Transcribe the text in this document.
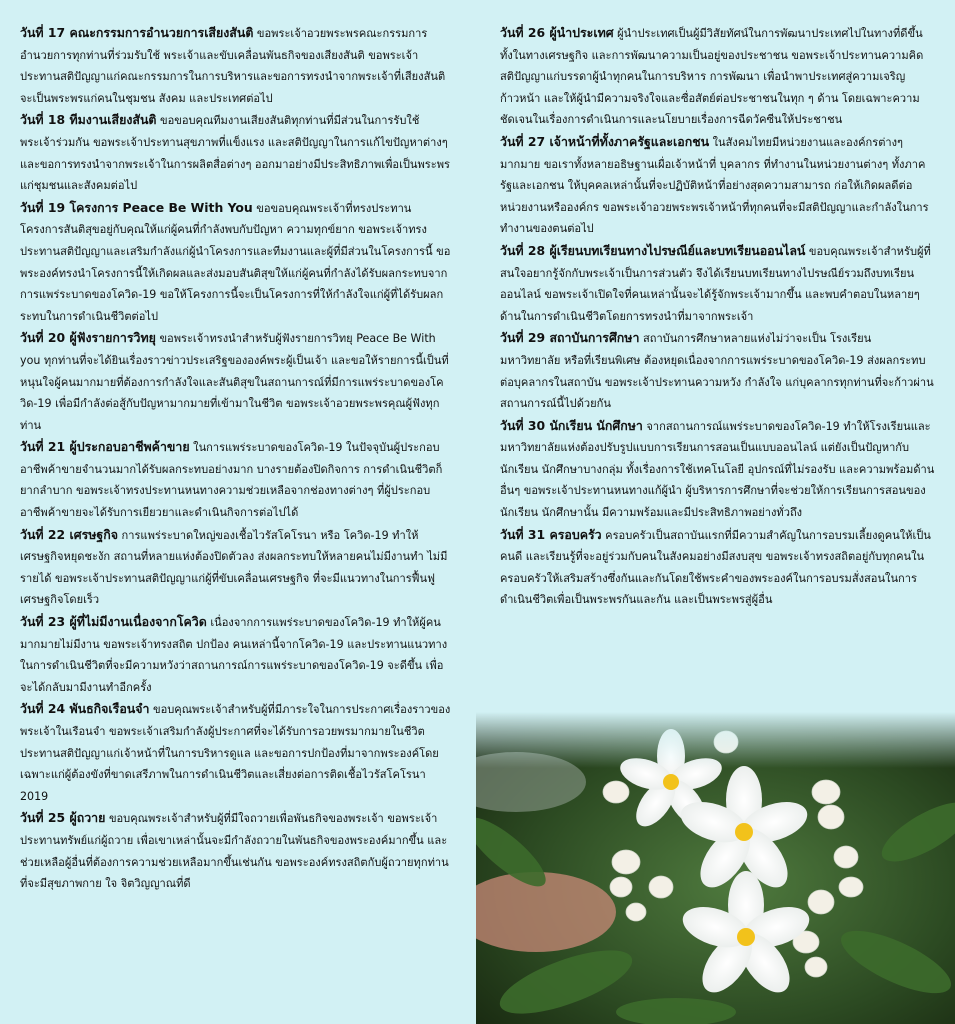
วันที่ 17 คณะกรรมการอำนวยการเสียงสันติ ขอพระเจ้าอวยพระพรคณะกรรมการอำนวยการทุกท่านที่ร่วมรับใช้ พระเจ้าและขับเคลื่อนพันธกิจของเสียงสันติ ขอพระเจ้าประทานสติปัญญาแก่คณะกรรมการในการบริหารและขอการทรงนำจากพระเจ้าที่เสียงสันติจะเป็นพระพรแก่คนในชุมชน สังคม และประเทศต่อไป

วันที่ 18 ทีมงานเสียงสันติ ขอขอบคุณทีมงานเสียงสันติทุกท่านที่มีส่วนในการรับใช้พระเจ้าร่วมกัน ขอพระเจ้าประทานสุขภาพที่แข็งแรง และสติปัญญาในการแก้ไขปัญหาต่างๆ และขอการทรงนำจากพระเจ้าในการผลิตสื่อต่างๆ ออกมาอย่างมีประสิทธิภาพเพื่อเป็นพระพรแก่ชุมชนและสังคมต่อไป

วันที่ 19 โครงการ Peace Be With You ขอขอบคุณพระเจ้าที่ทรงประทานโครงการสันติสุขอยู่กับคุณให้แก่ผู้คนที่กำลังพบกับปัญหา ความทุกข์ยาก ขอพระเจ้าทรงประทานสติปัญญาและเสริมกำลังแก่ผู้นำโครงการและทีมงานและผู้ที่มีส่วนในโครงการนี้ ขอพระองค์ทรงนำโครงการนี้ให้เกิดผลและส่งมอบสันติสุขให้แก่ผู้คนที่กำลังได้รับผลกระทบจากการแพร่ระบาดของโควิด-19 ขอให้โครงการนี้จะเป็นโครงการที่ให้กำลังใจแก่ผู้ที่ได้รับผลกระทบในการดำเนินชีวิตต่อไป

วันที่ 20 ผู้ฟังรายการวิทยุ ขอพระเจ้าทรงนำสำหรับผู้ฟังรายการวิทยุ Peace Be With you ทุกท่านที่จะได้ยินเรื่องราวข่าวประเสริฐขององค์พระผู้เป็นเจ้า และขอให้รายการนี้เป็นที่หนุนใจผู้คนมากมายที่ต้องการกำลังใจและสันติสุขในสถานการณ์ที่มีการแพร่ระบาดของโควิด-19 เพื่อมีกำลังต่อสู้กับปัญหามากมายที่เข้ามาในชีวิต ขอพระเจ้าอวยพระพรคุณผู้ฟังทุกท่าน

วันที่ 21 ผู้ประกอบอาชีพค้าขาย ในการแพร่ระบาดของโควิด-19 ในปัจจุบันผู้ประกอบอาชีพค้าขายจำนวนมากได้รับผลกระทบอย่างมาก บางรายต้องปิดกิจการ การดำเนินชีวิตก็ยากลำบาก ขอพระเจ้าทรงประทานหนทางความช่วยเหลือจากช่องทางต่างๆ ที่ผู้ประกอบอาชีพค้าขายจะได้รับการเยียวยาและดำเนินกิจการต่อไปได้

วันที่ 22 เศรษฐกิจ การแพร่ระบาดใหญ่ของเชื้อไวรัสโคโรนา หรือ โควิด-19 ทำให้เศรษฐกิจหยุดชะงัก สถานที่หลายแห่งต้องปิดตัวลง ส่งผลกระทบให้หลายคนไม่มีงานทำ ไม่มีรายได้ ขอพระเจ้าประทานสติปัญญาแก่ผู้ที่ขับเคลื่อนเศรษฐกิจ ที่จะมีแนวทางในการฟื้นฟูเศรษฐกิจโดยเร็ว

วันที่ 23 ผู้ที่ไม่มีงานเนื่องจากโควิด เนื่องจากการแพร่ระบาดของโควิด-19 ทำให้ผู้คนมากมายไม่มีงาน ขอพระเจ้าทรงสถิต ปกป้อง คนเหล่านี้จากโควิด-19 และประทานแนวทางในการดำเนินชีวิตที่จะมีความหวังว่าสถานการณ์การแพร่ระบาดของโควิด-19 จะดีขึ้น เพื่อจะได้กลับมามีงานทำอีกครั้ง

วันที่ 24 พันธกิจเรือนจำ ขอบคุณพระเจ้าสำหรับผู้ที่มีภาระใจในการประกาศเรื่องราวของพระเจ้าในเรือนจำ ขอพระเจ้าเสริมกำลังผู้ประกาศที่จะได้รับการอวยพรมากมายในชีวิต ประทานสติปัญญาแก่เจ้าหน้าที่ในการบริหารดูแล และขอการปกป้องที่มาจากพระองค์โดยเฉพาะแก่ผู้ต้องขังที่ขาดเสรีภาพในการดำเนินชีวิตและเสี่ยงต่อการติดเชื้อไวรัสโคโรนา 2019

วันที่ 25 ผู้ถวาย ขอบคุณพระเจ้าสำหรับผู้ที่มีใจถวายเพื่อพันธกิจของพระเจ้า ขอพระเจ้าประทานทรัพย์แก่ผู้ถวาย เพื่อเขาเหล่านั้นจะมีกำลังถวายในพันธกิจของพระองค์มากขึ้น และช่วยเหลือผู้อื่นที่ต้องการความช่วยเหลือมากขึ้นเช่นกัน ขอพระองค์ทรงสถิตกับผู้ถวายทุกท่านที่จะมีสุขภาพกาย ใจ จิตวิญญาณที่ดี

วันที่ 26 ผู้นำประเทศ ผู้นำประเทศเป็นผู้มีวิสัยทัศน์ในการพัฒนาประเทศไปในทางที่ดีขึ้น ทั้งในทางเศรษฐกิจ และการพัฒนาความเป็นอยู่ของประชาชน ขอพระเจ้าประทานความคิด สติปัญญาแก่บรรดาผู้นำทุกคนในการบริหาร การพัฒนา เพื่อนำพาประเทศสู่ความเจริญก้าวหน้า และให้ผู้นำมีความจริงใจและซื่อสัตย์ต่อประชาชนในทุก ๆ ด้าน โดยเฉพาะความชัดเจนในเรื่องการดำเนินการและนโยบายเรื่องการฉีดวัคซีนให้ประชาชน

วันที่ 27 เจ้าหน้าที่ทั้งภาครัฐและเอกชน ในสังคมไทยมีหน่วยงานและองค์กรต่างๆ มากมาย ขอเราทั้งหลายอธิษฐานเผื่อเจ้าหน้าที่ บุคลากร ที่ทำงานในหน่วยงานต่างๆ ทั้งภาครัฐและเอกชน ให้บุคคลเหล่านั้นที่จะปฏิบัติหน้าที่อย่างสุดความสามารถ ก่อให้เกิดผลดีต่อหน่วยงานหรือองค์กร ขอพระเจ้าอวยพระพรเจ้าหน้าที่ทุกคนที่จะมีสติปัญญาและกำลังในการทำงานของตนต่อไป

วันที่ 28 ผู้เรียนบทเรียนทางไปรษณีย์และบทเรียนออนไลน์ ขอบคุณพระเจ้าสำหรับผู้ที่สนใจอยากรู้จักกับพระเจ้าเป็นการส่วนตัว จึงได้เรียนบทเรียนทางไปรษณีย์รวมถึงบทเรียนออนไลน์ ขอพระเจ้าเปิดใจที่คนเหล่านั้นจะได้รู้จักพระเจ้ามากขึ้น และพบคำตอบในหลายๆ ด้านในการดำเนินชีวิตโดยการทรงนำที่มาจากพระเจ้า

วันที่ 29 สถาบันการศึกษา สถาบันการศึกษาหลายแห่งไม่ว่าจะเป็น โรงเรียน มหาวิทยาลัย หรือที่เรียนพิเศษ ต้องหยุดเนื่องจากการแพร่ระบาดของโควิด-19 ส่งผลกระทบต่อบุคลากรในสถาบัน ขอพระเจ้าประทานความหวัง กำลังใจ แก่บุคลากรทุกท่านที่จะก้าวผ่านสถานการณ์นี้ไปด้วยกัน

วันที่ 30 นักเรียน นักศึกษา จากสถานการณ์แพร่ระบาดของโควิด-19 ทำให้โรงเรียนและมหาวิทยาลัยแห่งต้องปรับรูปแบบการเรียนการสอนเป็นแบบออนไลน์ แต่ยังเป็นปัญหากับนักเรียน นักศึกษาบางกลุ่ม ทั้งเรื่องการใช้เทคโนโลยี อุปกรณ์ที่ไม่รองรับ และความพร้อมด้านอื่นๆ ขอพระเจ้าประทานหนทางแก้ผู้นำ ผู้บริหารการศึกษาที่จะช่วยให้การเรียนการสอนของนักเรียน นักศึกษานั้น มีความพร้อมและมีประสิทธิภาพอย่างทั่วถึง

วันที่ 31 ครอบครัว ครอบครัวเป็นสถาบันแรกที่มีความสำคัญในการอบรมเลี้ยงดูคนให้เป็นคนดี และเรียนรู้ที่จะอยู่ร่วมกับคนในสังคมอย่างมีสงบสุข ขอพระเจ้าทรงสถิตอยู่กับทุกคนในครอบครัวให้เสริมสร้างซึ่งกันและกันโดยใช้พระคำของพระองค์ในการอบรมสั่งสอนในการดำเนินชีวิตเพื่อเป็นพระพรกันและกัน และเป็นพระพรสู่ผู้อื่น
